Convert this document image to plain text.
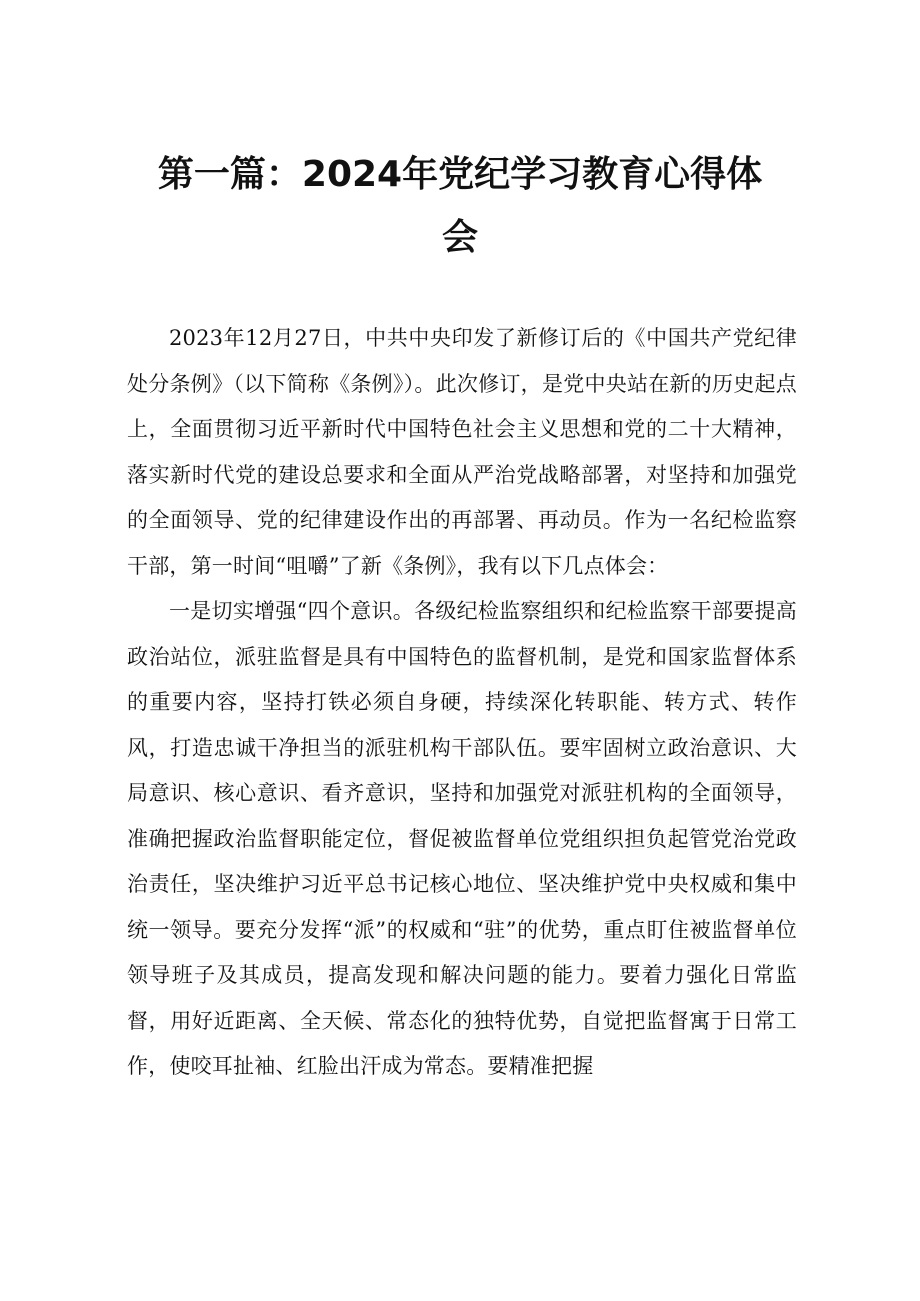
第一篇：2024年党纪学习教育心得体
会

2023年12月27日，中共中央印发了新修订后的《中国共产党纪律处分条例》（以下简称《条例》）。此次修订，是党中央站在新的历史起点上，全面贯彻习近平新时代中国特色社会主义思想和党的二十大精神，落实新时代党的建设总要求和全面从严治党战略部署，对坚持和加强党的全面领导、党的纪律建设作出的再部署、再动员。作为一名纪检监察干部，第一时间“咀嚼”了新《条例》，我有以下几点体会：

一是切实增强“四个意识。各级纪检监察组织和纪检监察干部要提高政治站位，派驻监督是具有中国特色的监督机制，是党和国家监督体系的重要内容，坚持打铁必须自身硬，持续深化转职能、转方式、转作风，打造忠诚干净担当的派驻机构干部队伍。要牢固树立政治意识、大局意识、核心意识、看齐意识，坚持和加强党对派驻机构的全面领导，准确把握政治监督职能定位，督促被监督单位党组织担负起管党治党政治责任，坚决维护习近平总书记核心地位、坚决维护党中央权威和集中统一领导。要充分发挥“派”的权威和“驻”的优势，重点盯住被监督单位领导班子及其成员，提高发现和解决问题的能力。要着力强化日常监督，用好近距离、全天候、常态化的独特优势，自觉把监督寓于日常工作，使咬耳扯袖、红脸出汗成为常态。要精准把握
